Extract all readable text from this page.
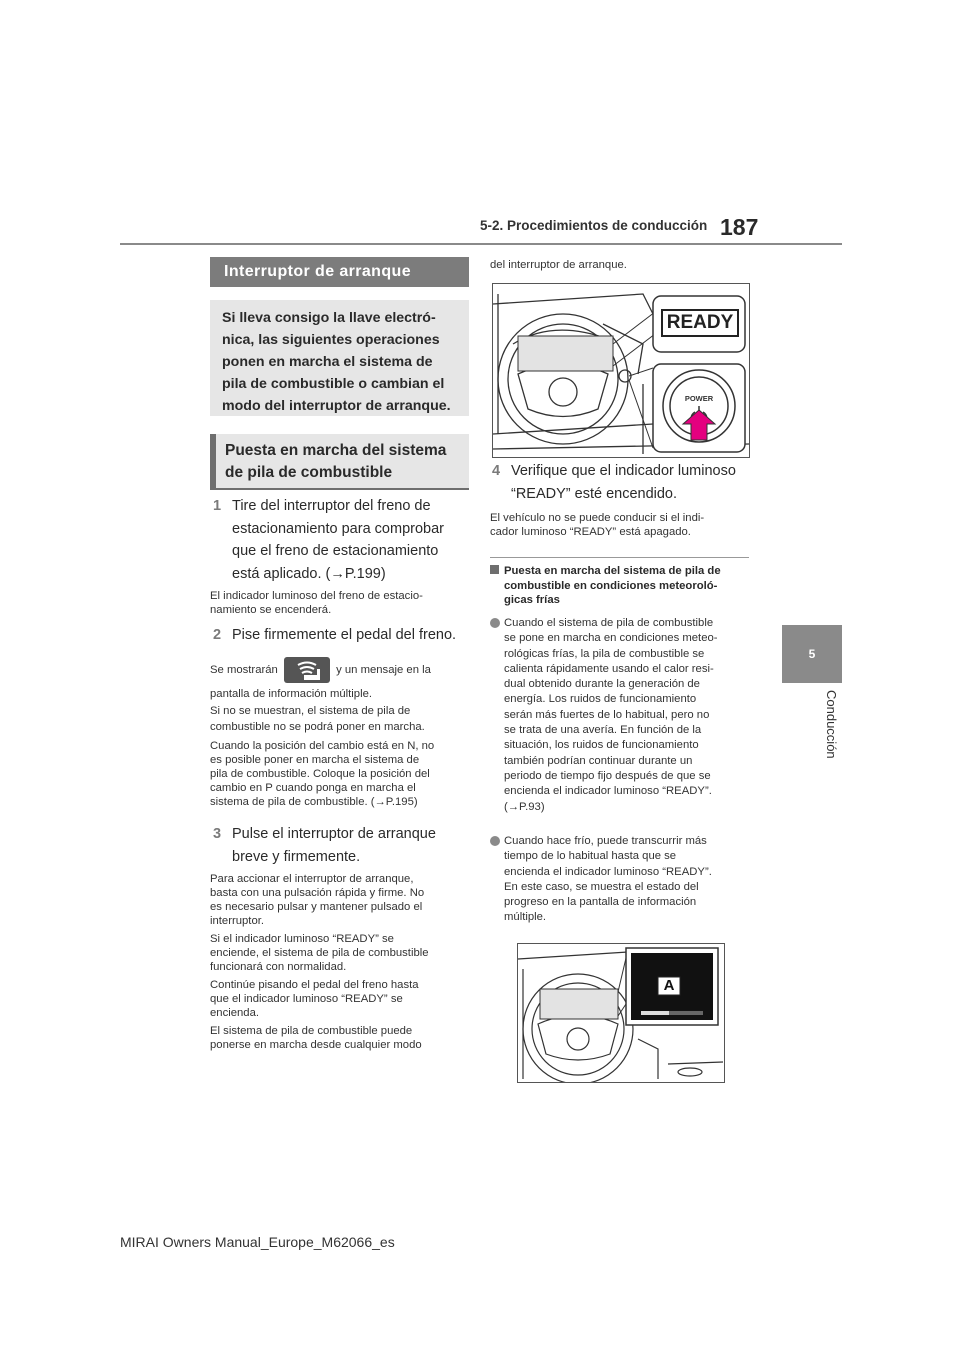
5-2. Procedimientos de conducción 187
5
Conducción
Interruptor de arranque
Si lleva consigo la llave electró-
nica, las siguientes operaciones
ponen en marcha el sistema de
pila de combustible o cambian el
modo del interruptor de arranque.
Puesta en marcha del sistema
de pila de combustible
1 Tire del interruptor del freno de
estacionamiento para comprobar
que el freno de estacionamiento
está aplicado. (→P.199)
El indicador luminoso del freno de estacio-
namiento se encenderá.
2 Pise firmemente el pedal del freno.
Se mostrarán	y un mensaje en la
pantalla de información múltiple.
Si no se muestran, el sistema de pila de
combustible no se podrá poner en marcha.
Cuando la posición del cambio está en N, no
es posible poner en marcha el sistema de
pila de combustible. Coloque la posición del
cambio en P cuando ponga en marcha el
sistema de pila de combustible. (→P.195)
3 Pulse el interruptor de arranque
breve y firmemente.
Para accionar el interruptor de arranque,
basta con una pulsación rápida y firme. No
es necesario pulsar y mantener pulsado el
interruptor.
Si el indicador luminoso “READY” se
enciende, el sistema de pila de combustible
funcionará con normalidad.
Continúe pisando el pedal del freno hasta
que el indicador luminoso “READY” se
encienda.
El sistema de pila de combustible puede
ponerse en marcha desde cualquier modo
del interruptor de arranque.
READY
POWER
4 Verifique que el indicador luminoso
“READY” esté encendido.
El vehículo no se puede conducir si el indi-
cador luminoso “READY” está apagado.
Puesta en marcha del sistema de pila de
combustible en condiciones meteoroló-
gicas frías
Cuando el sistema de pila de combustible
se pone en marcha en condiciones meteo-
rológicas frías, la pila de combustible se
calienta rápidamente usando el calor resi-
dual obtenido durante la generación de
energía. Los ruidos de funcionamiento
serán más fuertes de lo habitual, pero no
se trata de una avería. En función de la
situación, los ruidos de funcionamiento
también podrían continuar durante un
periodo de tiempo fijo después de que se
encienda el indicador luminoso “READY”.
(→P.93)
Cuando hace frío, puede transcurrir más
tiempo de lo habitual hasta que se
encienda el indicador luminoso “READY”.
En este caso, se muestra el estado del
progreso en la pantalla de información
múltiple.
A
MIRAI Owners Manual_Europe_M62066_es
